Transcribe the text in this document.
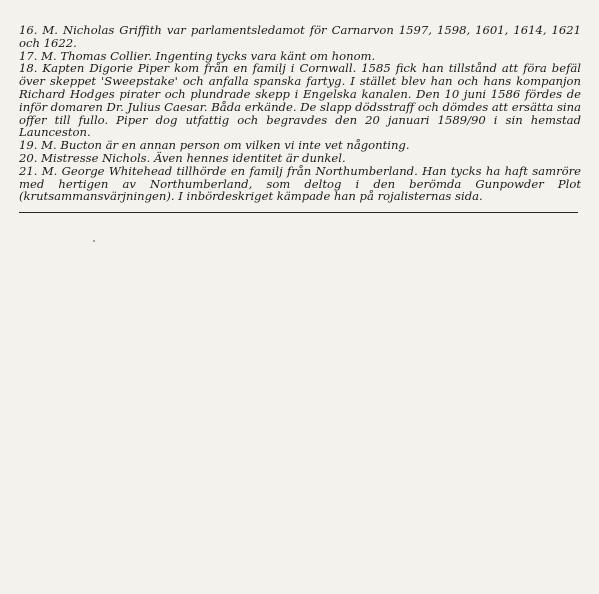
16. M. Nicholas Griffith var parlamentsledamot för Carnarvon 1597, 1598, 1601, 1614, 1621 och 1622.

17. M. Thomas Collier. Ingenting tycks vara känt om honom.

18. Kapten Digorie Piper kom från en familj i Cornwall. 1585 fick han tillstånd att föra befäl över skeppet 'Sweepstake' och anfalla spanska fartyg. I stället blev han och hans kompanjon Richard Hodges pirater och plundrade skepp i Engelska kanalen. Den 10 juni 1586 fördes de inför domaren Dr. Julius Caesar. Båda erkände. De slapp dödsstraff och dömdes att ersätta sina offer till fullo. Piper dog utfattig och begravdes den 20 januari 1589/90 i sin hemstad Launceston.

19. M. Bucton är en annan person om vilken vi inte vet någonting.

20. Mistresse Nichols. Även hennes identitet är dunkel.

21. M. George Whitehead tillhörde en familj från Northumberland. Han tycks ha haft samröre med hertigen av Northumberland, som deltog i den berömda Gunpowder Plot (krutsammansvärjningen). I inbördeskriget kämpade han på rojalisternas sida.
